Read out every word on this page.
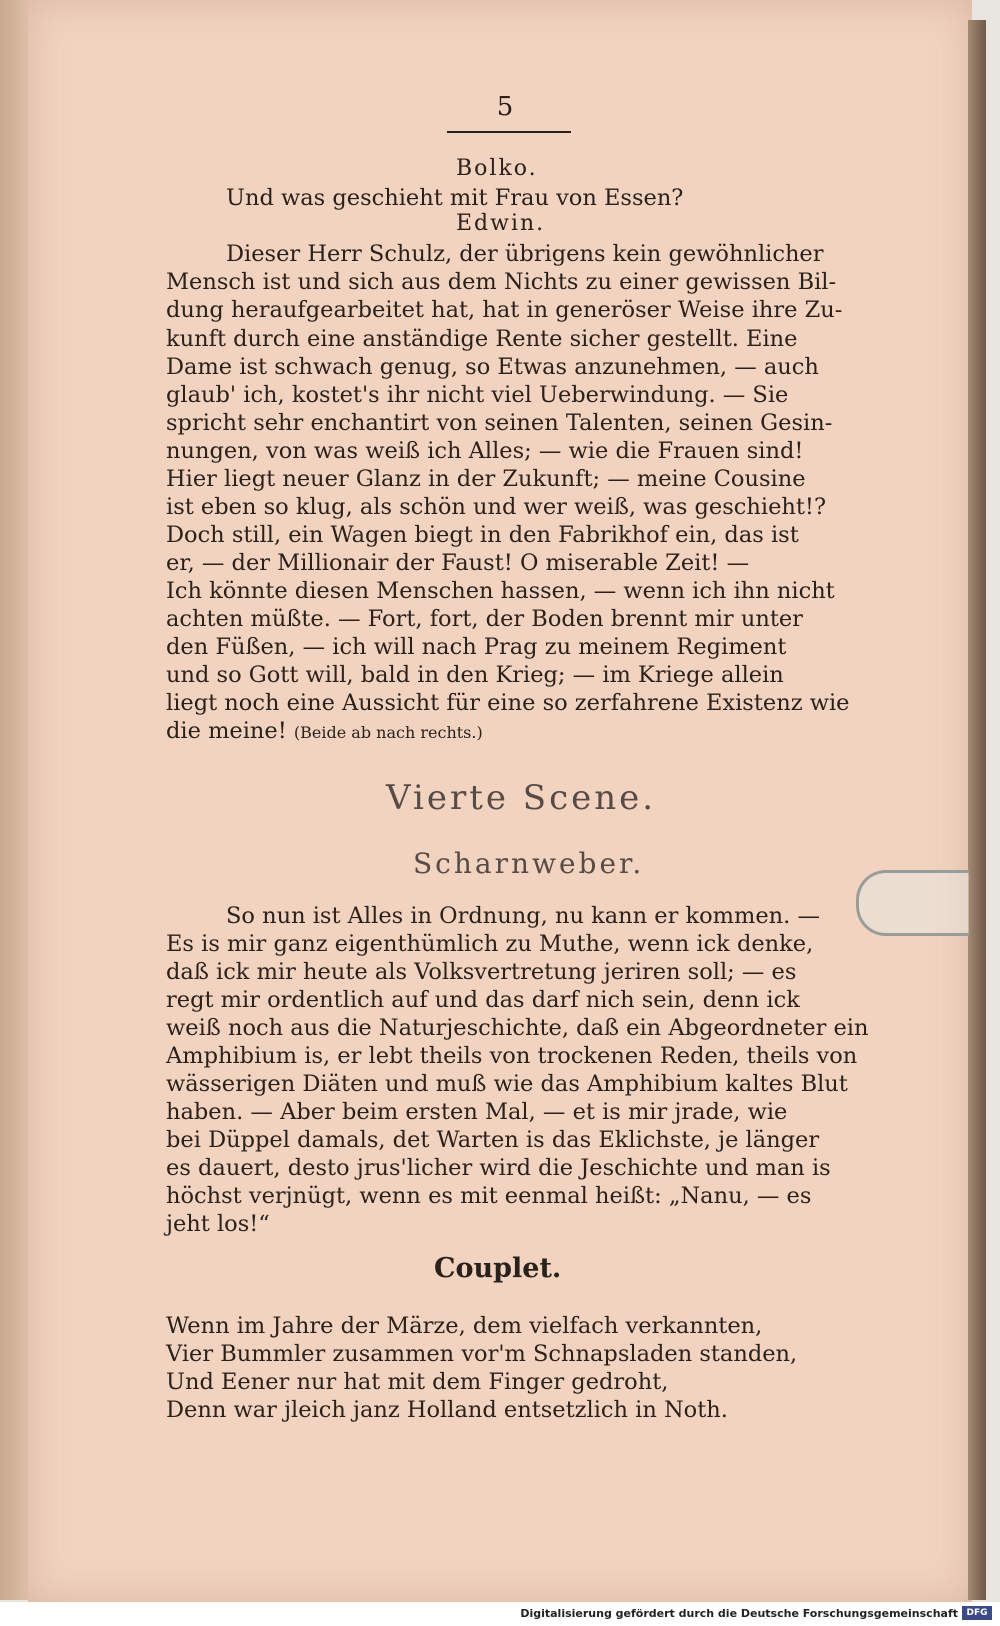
5
Bolko.
Und was geschieht mit Frau von Essen?
Edwin.
Dieser Herr Schulz, der übrigens kein gewöhnlicher
Mensch ist und sich aus dem Nichts zu einer gewissen Bil-
dung heraufgearbeitet hat, hat in generöser Weise ihre Zu-
kunft durch eine anständige Rente sicher gestellt. Eine
Dame ist schwach genug, so Etwas anzunehmen, — auch
glaub' ich, kostet's ihr nicht viel Ueberwindung. — Sie
spricht sehr enchantirt von seinen Talenten, seinen Gesin-
nungen, von was weiß ich Alles; — wie die Frauen sind!
Hier liegt neuer Glanz in der Zukunft; — meine Cousine
ist eben so klug, als schön und wer weiß, was geschieht!?
Doch still, ein Wagen biegt in den Fabrikhof ein, das ist
er, — der Millionair der Faust! O miserable Zeit! —
Ich könnte diesen Menschen hassen, — wenn ich ihn nicht
achten müßte. — Fort, fort, der Boden brennt mir unter
den Füßen, — ich will nach Prag zu meinem Regiment
und so Gott will, bald in den Krieg; — im Kriege allein
liegt noch eine Aussicht für eine so zerfahrene Existenz wie
die meine! (Beide ab nach rechts.)
Vierte Scene.
Scharnweber.
So nun ist Alles in Ordnung, nu kann er kommen. —
Es is mir ganz eigenthümlich zu Muthe, wenn ick denke,
daß ick mir heute als Volksvertretung jeriren soll; — es
regt mir ordentlich auf und das darf nich sein, denn ick
weiß noch aus die Naturjeschichte, daß ein Abgeordneter ein
Amphibium is, er lebt theils von trockenen Reden, theils von
wässerigen Diäten und muß wie das Amphibium kaltes Blut
haben. — Aber beim ersten Mal, — et is mir jrade, wie
bei Düppel damals, det Warten is das Eklichste, je länger
es dauert, desto jrus'licher wird die Jeschichte und man is
höchst verjnügt, wenn es mit eenmal heißt: „Nanu, — es
jeht los!“
Couplet.
Wenn im Jahre der Märze, dem vielfach verkannten,
Vier Bummler zusammen vor'm Schnapsladen standen,
Und Eener nur hat mit dem Finger gedroht,
Denn war jleich janz Holland entsetzlich in Noth.
Digitalisierung gefördert durch die Deutsche Forschungsgemeinschaft DFG
